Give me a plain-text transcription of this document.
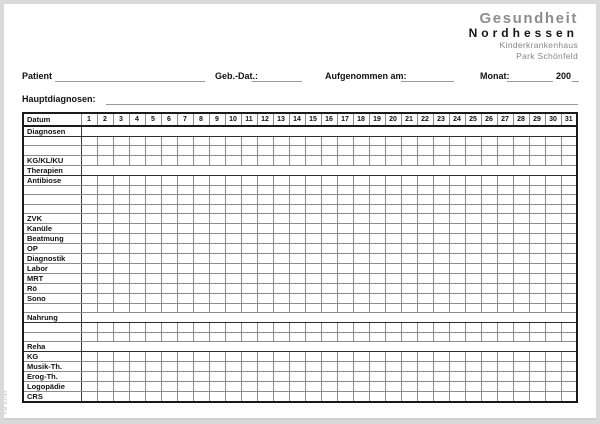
Gesundheit
Nordhessen
Kinderkrankenhaus
Park Schönfeld
Patient	Geb.-Dat.:	Aufgenommen am:	Monat:	200
Hauptdiagnosen:
Datum	1	2	3	4	5	6	7	8	9	10	11	12	13	14	15	16	17	18	19	20	21	22	23	24	25	26	27	28	29	30	31
Diagnosen																															

KG/KL/KU																															
Therapien																															
Antibiose																															

ZVK																															
Kanüle																															
Beatmung																															
OP																															
Diagnostik																															
Labor																															
MRT																															
Rö																															
Sono																															

Nahrung																															

Reha																															
KG																															
Musik-Th.																															
Erog-Th.																															
Logopädie																															
CRS																															
PM 04/03
